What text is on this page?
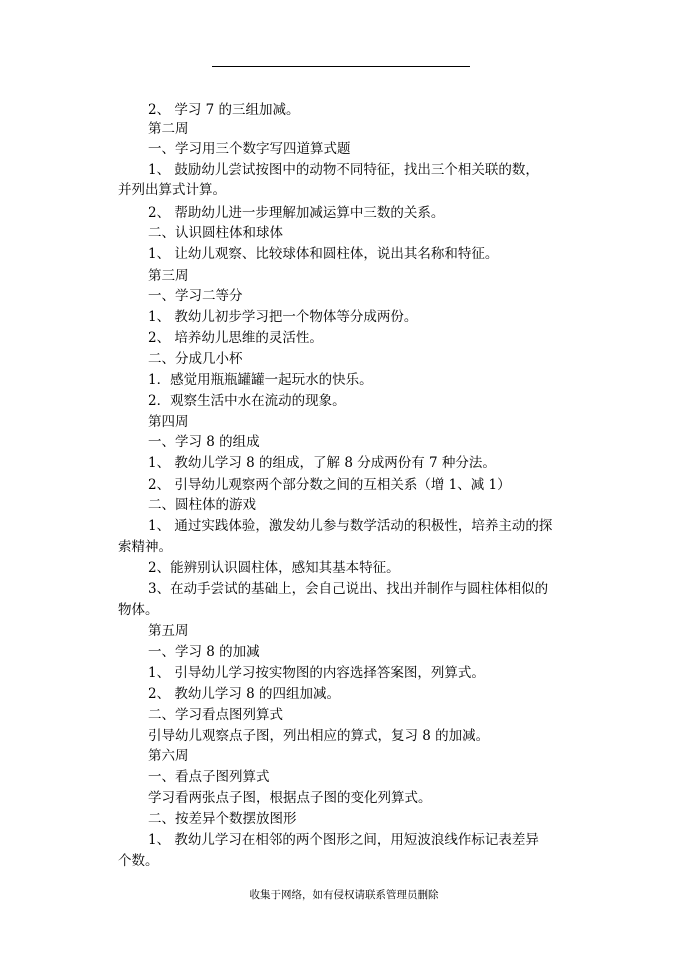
2、 学习 7 的三组加减。
第二周
一、学习用三个数字写四道算式题
1、 鼓励幼儿尝试按图中的动物不同特征，找出三个相关联的数，
并列出算式计算。
2、 帮助幼儿进一步理解加减运算中三数的关系。
二、认识圆柱体和球体
1、 让幼儿观察、比较球体和圆柱体，说出其名称和特征。
第三周
一、学习二等分
1、 教幼儿初步学习把一个物体等分成两份。
2、 培养幼儿思维的灵活性。
二、分成几小杯
1．感觉用瓶瓶罐罐一起玩水的快乐。
2．观察生活中水在流动的现象。
第四周
一、学习 8 的组成
1、 教幼儿学习 8 的组成，了解 8 分成两份有 7 种分法。
2、 引导幼儿观察两个部分数之间的互相关系（增 1、减 1）
二、圆柱体的游戏
1、 通过实践体验，激发幼儿参与数学活动的积极性，培养主动的探
索精神。
2、能辨别认识圆柱体，感知其基本特征。
3、在动手尝试的基础上，会自己说出、找出并制作与圆柱体相似的
物体。
第五周
一、学习 8 的加减
1、 引导幼儿学习按实物图的内容选择答案图，列算式。
2、 教幼儿学习 8 的四组加减。
二、学习看点图列算式
引导幼儿观察点子图，列出相应的算式，复习 8 的加减。
第六周
一、看点子图列算式
学习看两张点子图，根据点子图的变化列算式。
二、按差异个数摆放图形
1、 教幼儿学习在相邻的两个图形之间，用短波浪线作标记表差异
个数。
收集于网络，如有侵权请联系管理员删除
